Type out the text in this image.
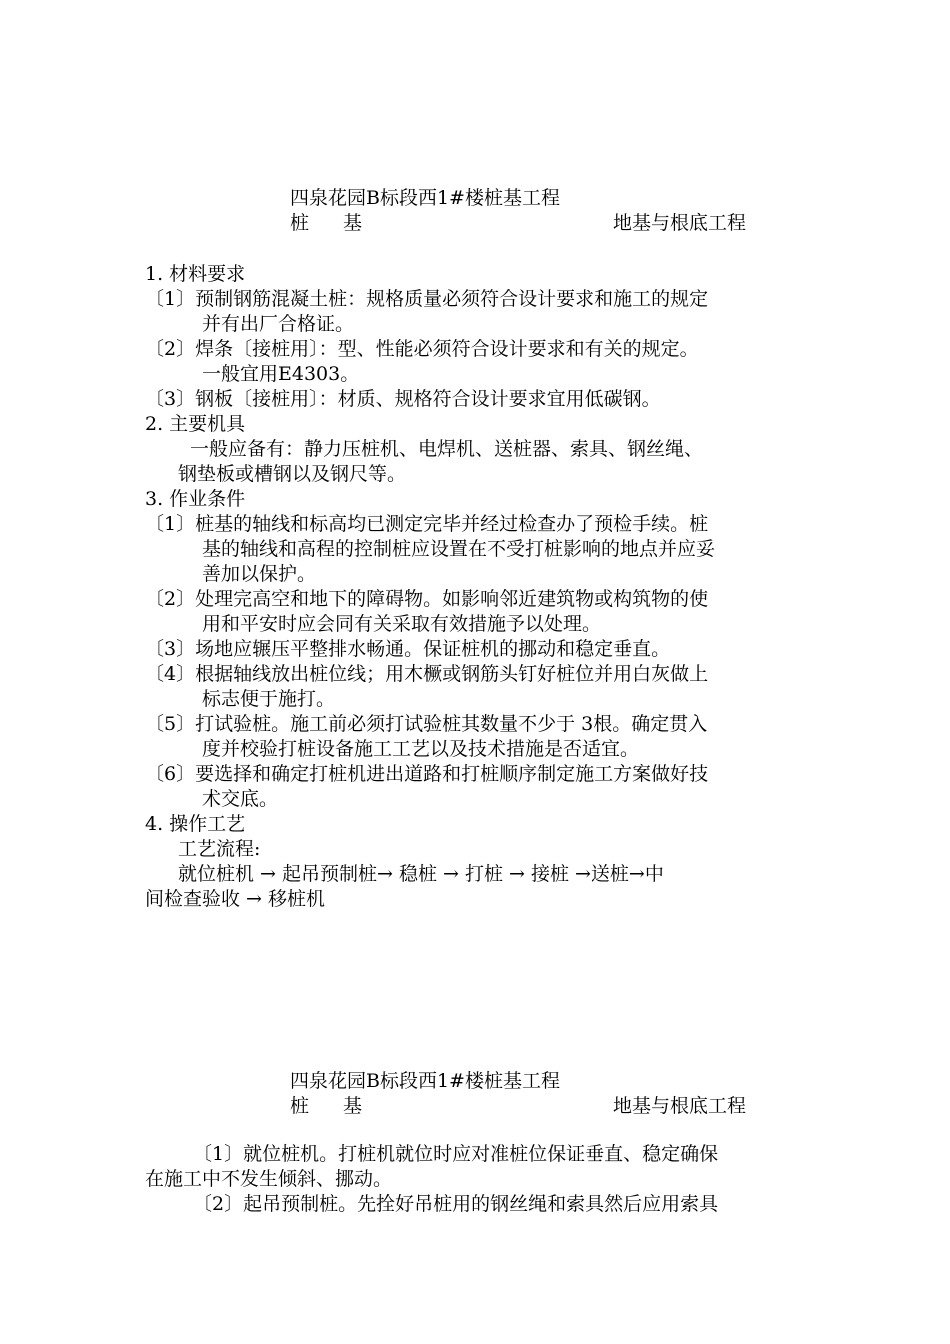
四泉花园B标段西1#楼桩基工程
桩 基	地基与根底工程
1. 材料要求
〔1〕预制钢筋混凝土桩：规格质量必须符合设计要求和施工的规定
并有出厂合格证。
〔2〕焊条〔接桩用〕：型、性能必须符合设计要求和有关的规定。
一般宜用E4303。
〔3〕钢板〔接桩用〕：材质、规格符合设计要求宜用低碳钢。
2. 主要机具
一般应备有：静力压桩机、电焊机、送桩器、索具、钢丝绳、
钢垫板或槽钢以及钢尺等。
3. 作业条件
〔1〕桩基的轴线和标高均已测定完毕并经过检查办了预检手续。桩
基的轴线和高程的控制桩应设置在不受打桩影响的地点并应妥
善加以保护。
〔2〕处理完高空和地下的障碍物。如影响邻近建筑物或构筑物的使
用和平安时应会同有关采取有效措施予以处理。
〔3〕场地应辗压平整排水畅通。保证桩机的挪动和稳定垂直。
〔4〕根据轴线放出桩位线；用木橛或钢筋头钉好桩位并用白灰做上
标志便于施打。
〔5〕打试验桩。施工前必须打试验桩其数量不少于 3根。确定贯入
度并校验打桩设备施工工艺以及技术措施是否适宜。
〔6〕要选择和确定打桩机进出道路和打桩顺序制定施工方案做好技
术交底。
4. 操作工艺
工艺流程:
就位桩机 → 起吊预制桩→ 稳桩 → 打桩 → 接桩 →送桩→中
间检查验收 → 移桩机
四泉花园B标段西1#楼桩基工程
桩 基	地基与根底工程
〔1〕就位桩机。打桩机就位时应对准桩位保证垂直、稳定确保
在施工中不发生倾斜、挪动。
〔2〕起吊预制桩。先拴好吊桩用的钢丝绳和索具然后应用索具
